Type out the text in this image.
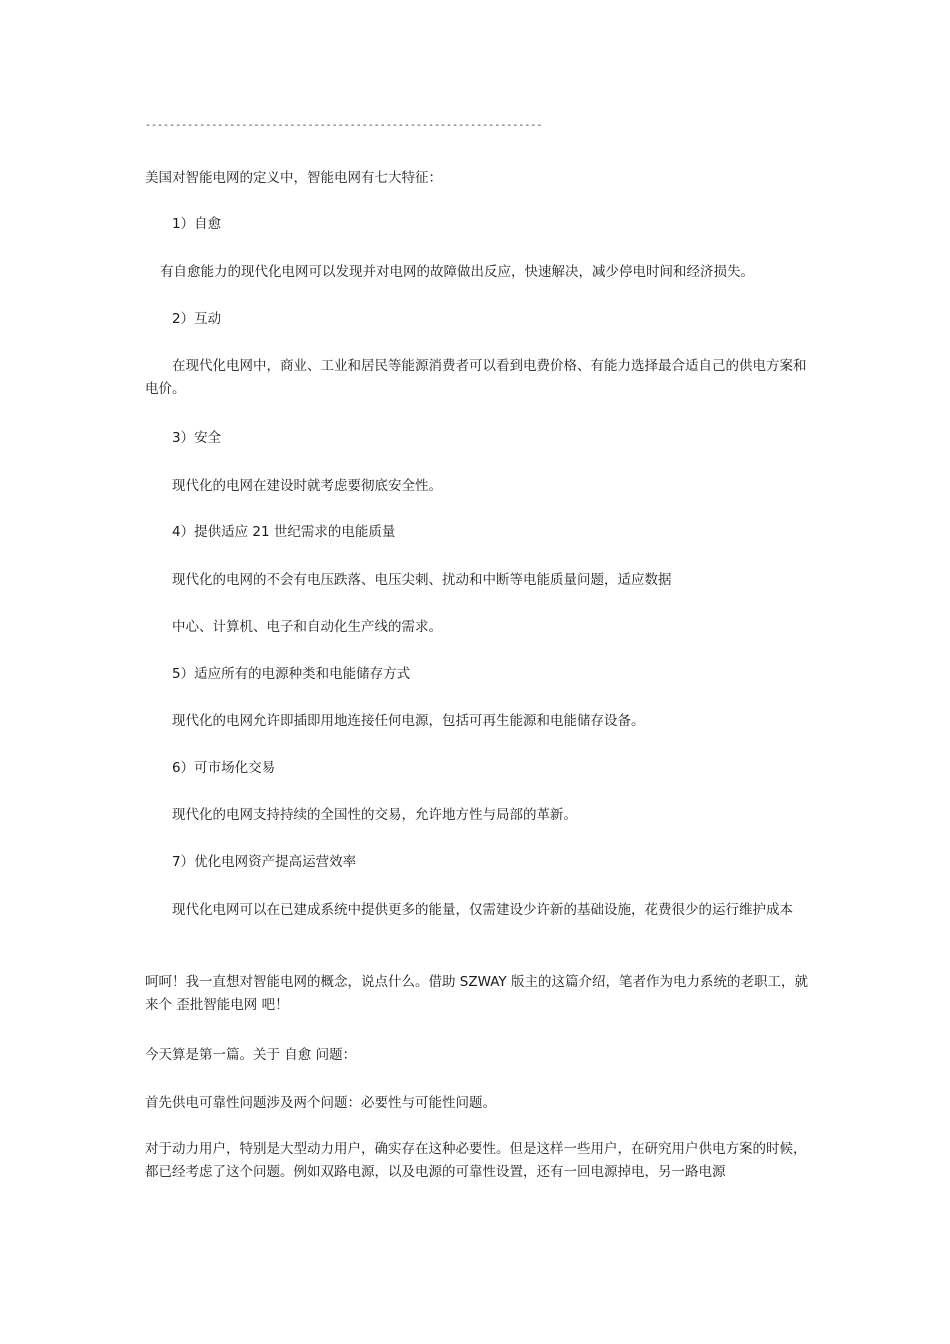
------------------------------------------------------------------
美国对智能电网的定义中，智能电网有七大特征：
1）自愈
有自愈能力的现代化电网可以发现并对电网的故障做出反应，快速解决，减少停电时间和经济损失。
2）互动
在现代化电网中，商业、工业和居民等能源消费者可以看到电费价格、有能力选择最合适自己的供电方案和电价。
3）安全
现代化的电网在建设时就考虑要彻底安全性。
4）提供适应 21 世纪需求的电能质量
现代化的电网的不会有电压跌落、电压尖刺、扰动和中断等电能质量问题，适应数据
中心、计算机、电子和自动化生产线的需求。
5）适应所有的电源种类和电能储存方式
现代化的电网允许即插即用地连接任何电源，包括可再生能源和电能储存设备。
6）可市场化交易
现代化的电网支持持续的全国性的交易，允许地方性与局部的革新。
7）优化电网资产提高运营效率
现代化电网可以在已建成系统中提供更多的能量，仅需建设少许新的基础设施，花费很少的运行维护成本
呵呵！我一直想对智能电网的概念，说点什么。借助 SZWAY 版主的这篇介绍，笔者作为电力系统的老职工，就来个 歪批智能电网 吧！
今天算是第一篇。关于 自愈 问题：
首先供电可靠性问题涉及两个问题：必要性与可能性问题。
对于动力用户，特别是大型动力用户，确实存在这种必要性。但是这样一些用户，在研究用户供电方案的时候，都已经考虑了这个问题。例如双路电源，以及电源的可靠性设置，还有一回电源掉电，另一路电源
